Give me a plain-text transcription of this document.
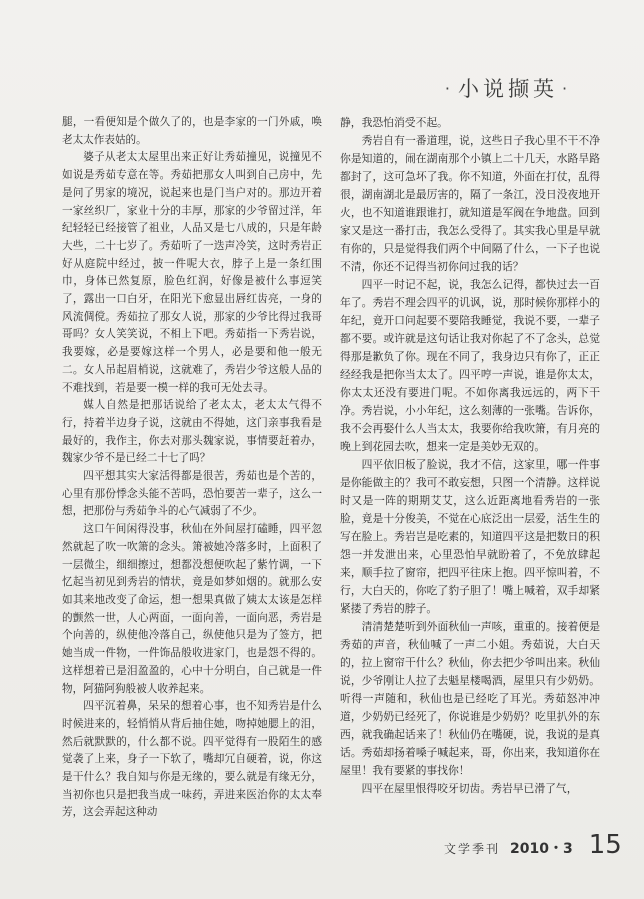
· 小说撷英 ·

腿，一看便知是个做久了的，也是李家的一门外戚，唤老太太作表姑的。

婆子从老太太屋里出来正好让秀茹撞见，说撞见不如说是秀茹专意在等。秀茹把那女人叫到自己房中，先是问了男家的境况，说起来也是门当户对的。那边开着一家丝织厂，家业十分的丰厚，那家的少爷留过洋，年纪轻轻已经接管了祖业，人品又是七八成的，只是年龄大些，二十七岁了。秀茹听了一迭声冷笑，这时秀岩正好从庭院中经过，披一件呢大衣，脖子上是一条红围巾，身体已然复原，脸色红润，好像是被什么事逗笑了，露出一口白牙，在阳光下愈显出唇红齿亮，一身的风流倜傥。秀茹拉了那女人说，那家的少爷比得过我哥哥吗？女人笑笑说，不相上下吧。秀茹指一下秀岩说，我要嫁，必是要嫁这样一个男人，必是要和他一般无二。女人吊起眉梢说，这就难了，秀岩少爷这般人品的不难找到，若是要一模一样的我可无处去寻。

媒人自然是把那话说给了老太太，老太太气得不行，持着半边身子说，这就由不得她，这门亲事我看是最好的，我作主，你去对那头魏家说，事情要赶着办，魏家少爷不是已经二十七了吗？

四平想其实大家活得都是很苦，秀茹也是个苦的，心里有那份悸念头能不苦吗，恐怕要苦一辈子，这么一想，把那份与秀茹争斗的心气减弱了不少。

这口午间闲得没事，秋仙在外间屋打磕睡，四平忽然就起了吹一吹箫的念头。箫被她冷落多时，上面积了一层微尘，细细擦过，想都没想便吹起了紫竹调，一下忆起当初见到秀岩的情状，竟是如梦如烟的。就那么安如其来地改变了命运，想一想果真做了姨太太该是怎样的颤然一世，人心两面，一面向善，一面向恶，秀岩是个向善的，纵使他冷落自己，纵使他只是为了签方，把她当成一件物，一件饰品般收进家门，也是怨不得的。这样想着已是泪盈盈的，心中十分明白，自己就是一件物，阿猫阿狗般被人收养起来。

四平沉着鼻，呆呆的想着心事，也不知秀岩是什么时候进来的，轻悄悄从背后抽住她，吻掉她腮上的泪，然后就默默的，什么都不说。四平觉得有一股陌生的感觉袭了上来，身子一下软了，嘴却冗自硬着，说，你这是干什么？我自知与你是无缘的，要么就是有缘无分，当初你也只是把我当成一味药，弄进来医治你的太太奉芳，这会弄起这种动

静，我恐怕消受不起。

秀岩自有一番道理，说，这些日子我心里不干不净你是知道的，闹在湖南那个小镇上二十几天，水路旱路都封了，这可急坏了我。你不知道，外面在打仗，乱得很，湖南湖北是最厉害的，隔了一条江，没日没夜地开火，也不知道谁跟谁打，就知道是军阀在争地盘。回到家又是这一番打击，我怎么受得了。其实我心里是早就有你的，只是觉得我们两个中间隔了什么，一下子也说不清，你还不记得当初你问过我的话？

四平一时记不起，说，我怎么记得，都快过去一百年了。秀岩不理会四平的讥讽，说，那时候你那样小的年纪，竟开口问起要不要陪我睡觉，我说不要，一辈子都不要。或许就是这句话让我对你起了不了念头，总觉得那是歉负了你。现在不同了，我身边只有你了，正正经经我是把你当太太了。四平哼一声说，谁是你太太，你太太还没有要进门呢。不如你离我远远的，两下干净。秀岩说，小小年纪，这么刻薄的一张嘴。告诉你，我不会再娶什么人当太太，我要你给我吹箫，有月亮的晚上到花园去吹，想来一定是美妙无双的。

四平依旧板了脸说，我才不信，这家里，哪一件事是你能做主的？我可不敢妄想，只图一个清静。这样说时又是一阵的期期艾艾，这么近距离地看秀岩的一张脸，竟是十分俊美，不觉在心底泛出一层爱，活生生的写在脸上。秀岩岂是吃素的，知道四平这是把数日的积怨一并发泄出来，心里恐怕早就盼着了，不免放肆起来，顺手拉了窗帘，把四平往床上抱。四平惊叫着，不行，大白天的，你吃了豹子胆了！嘴上喊着，双手却紧紧搂了秀岩的脖子。

清清楚楚听到外面秋仙一声咳，重重的。接着便是秀茹的声音，秋仙喊了一声二小姐。秀茹说，大白天的，拉上窗帘干什么？秋仙，你去把少爷叫出来。秋仙说，少爷刚让人拉了去魁星楼喝酒，屋里只有少奶奶。听得一声随和，秋仙也是已经吃了耳光。秀茹怒冲冲道，少奶奶已经死了，你说谁是少奶奶？吃里扒外的东西，就我确起话来了！秋仙仍在嘴硬，说，我说的是真话。秀茹却扬着嗓子喊起来，哥，你出来，我知道你在屋里！我有要紧的事找你！

四平在屋里恨得咬牙切齿。秀岩早已滑了气，

文学季刊 2010・3 15
